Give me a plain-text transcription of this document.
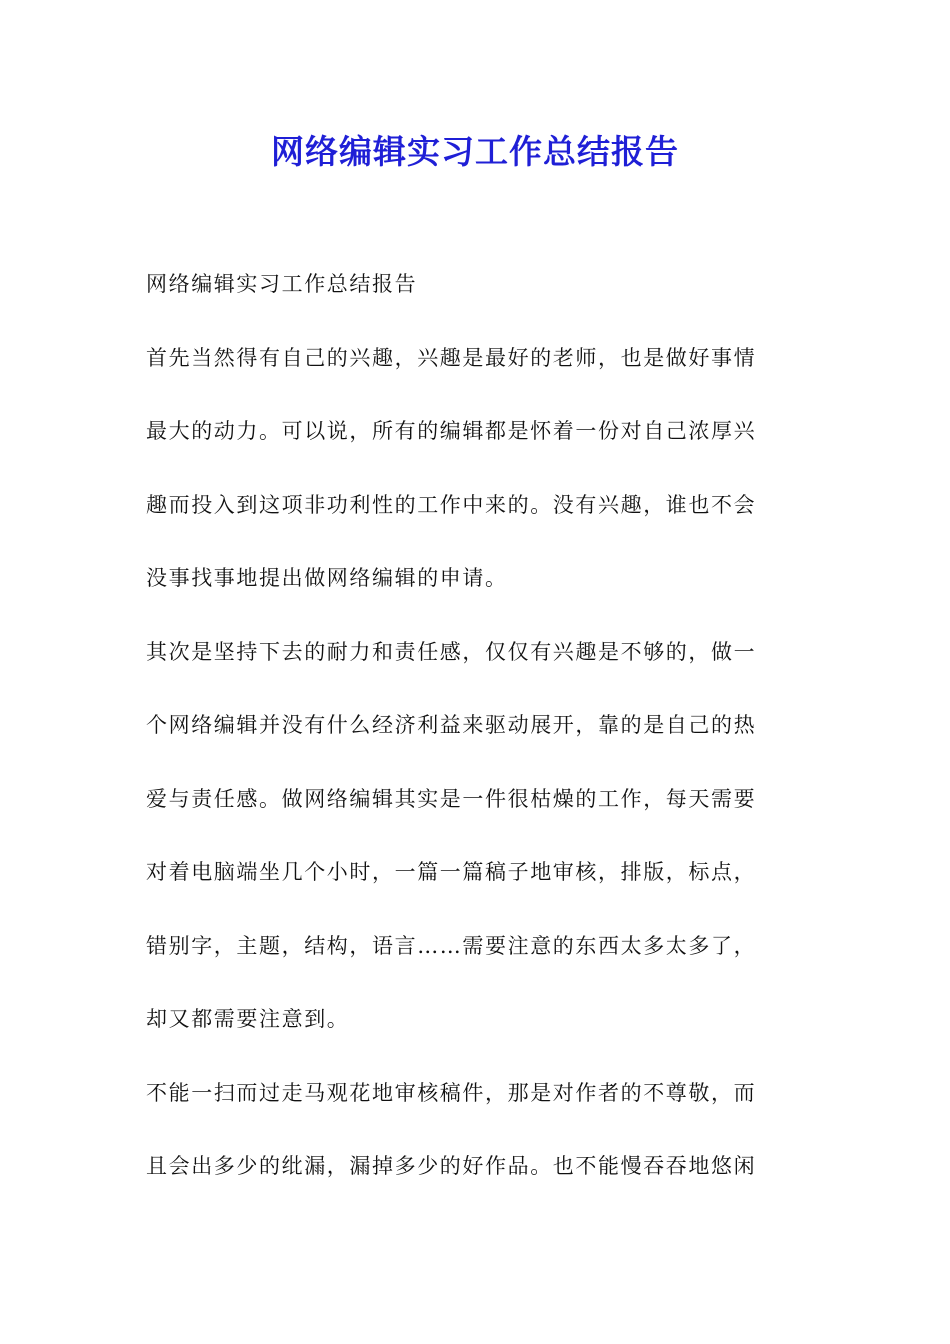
网络编辑实习工作总结报告
网络编辑实习工作总结报告
首先当然得有自己的兴趣，兴趣是最好的老师，也是做好事情
最大的动力。可以说，所有的编辑都是怀着一份对自己浓厚兴
趣而投入到这项非功利性的工作中来的。没有兴趣，谁也不会
没事找事地提出做网络编辑的申请。
其次是坚持下去的耐力和责任感，仅仅有兴趣是不够的，做一
个网络编辑并没有什么经济利益来驱动展开，靠的是自己的热
爱与责任感。做网络编辑其实是一件很枯燥的工作，每天需要
对着电脑端坐几个小时，一篇一篇稿子地审核，排版，标点，
错别字，主题，结构，语言……需要注意的东西太多太多了，
却又都需要注意到。
不能一扫而过走马观花地审核稿件，那是对作者的不尊敬，而
且会出多少的纰漏，漏掉多少的好作品。也不能慢吞吞地悠闲
